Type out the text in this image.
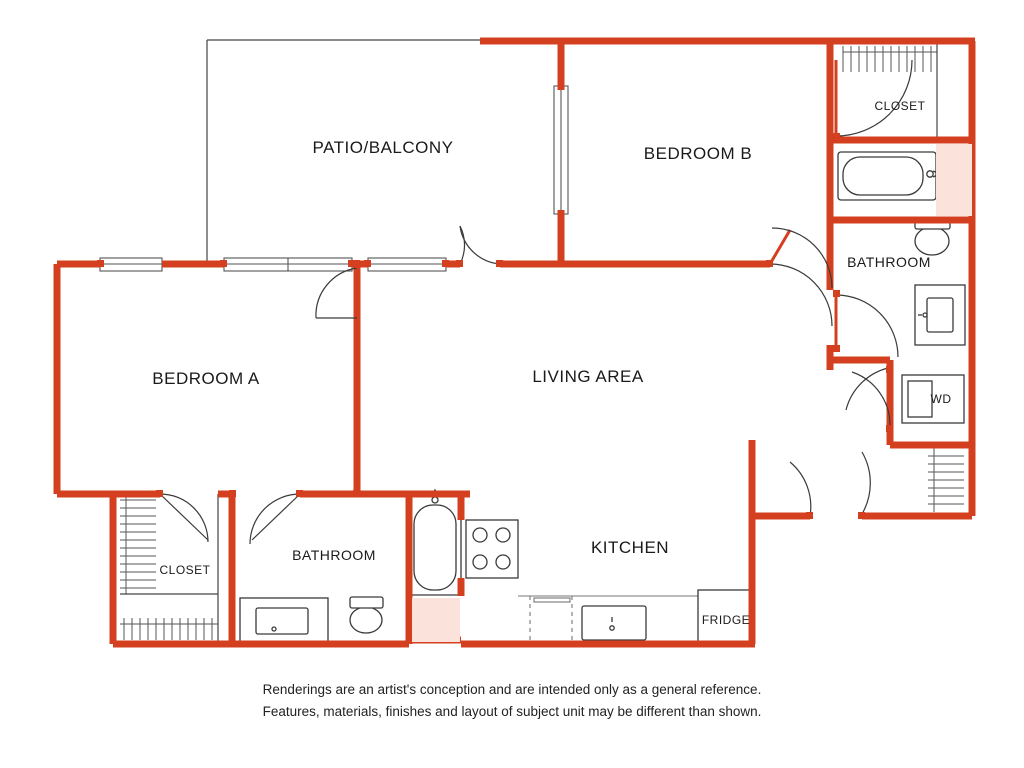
PATIO/BALCONY	BEDROOM B
CLOSET
BATHROOM
BEDROOM A	LIVING AREA
WD
CLOSET
BATHROOM	KITCHEN
FRIDGE
Renderings are an artist's conception and are intended only as a general reference.
Features, materials, finishes and layout of subject unit may be different than shown.
